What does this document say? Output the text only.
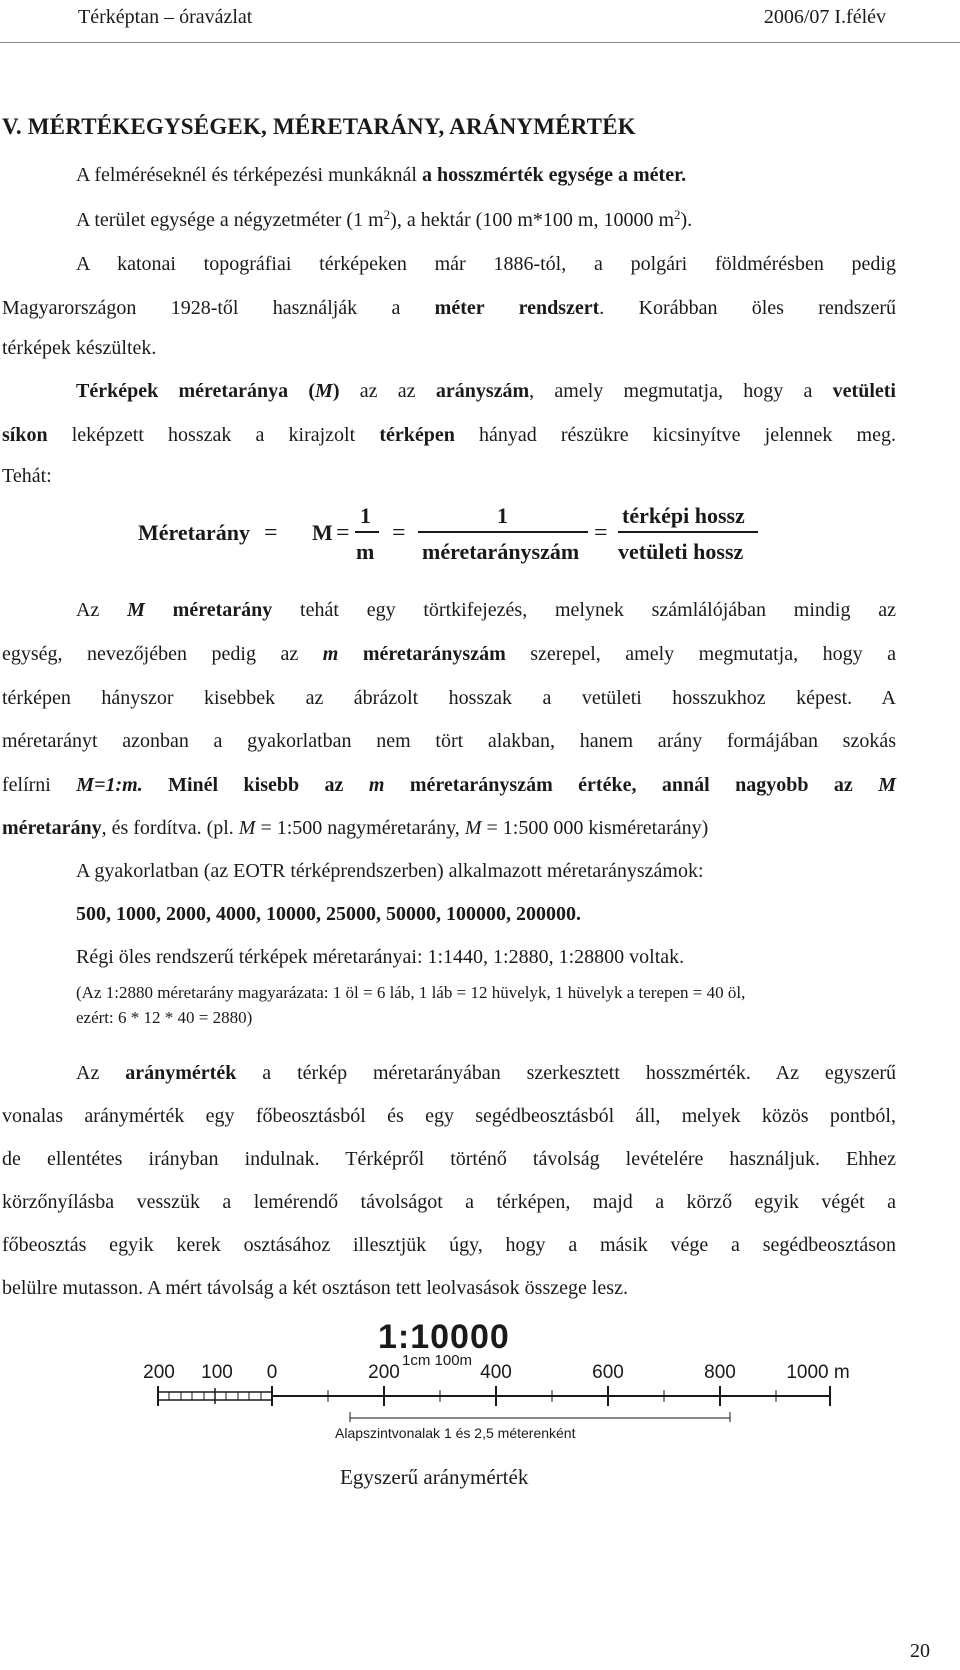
Térképtan – óravázlat	2006/07 I.félév
V. MÉRTÉKEGYSÉGEK, MÉRETARÁNY, ARÁNYMÉRTÉK
A felméréseknél és térképezési munkáknál a hosszmérték egysége a méter.
A terület egysége a négyzetméter (1 $m^2$), a hektár (100 m*100 m, 10000 $m^2$).
A katonai topográfiai térképeken már 1886-tól, a polgári földmérésben pedig
Magyarországon 1928-től használják a méter rendszert. Korábban öles rendszerű
térképek készültek.
Térképek méretaránya (M) az az arányszám, amely megmutatja, hogy a vetületi
síkon leképzett hosszak a kirajzolt térképen hányad részükre kicsinyítve jelennek meg.
Tehát:
Méretarány = M =
1
m
=
1
méretarányszám
=
térképi hossz
vetületi hossz
Az M méretarány tehát egy törtkifejezés, melynek számlálójában mindig az
egység, nevezőjében pedig az m méretarányszám szerepel, amely megmutatja, hogy a
térképen hányszor kisebbek az ábrázolt hosszak a vetületi hosszukhoz képest. A
méretarányt azonban a gyakorlatban nem tört alakban, hanem arány formájában szokás
felírni M=1:m. Minél kisebb az m méretarányszám értéke, annál nagyobb az M
méretarány, és fordítva. (pl. M = 1:500 nagyméretarány, M = 1:500 000 kisméretarány)
A gyakorlatban (az EOTR térképrendszerben) alkalmazott méretarányszámok:
500, 1000, 2000, 4000, 10000, 25000, 50000, 100000, 200000.
Régi öles rendszerű térképek méretarányai: 1:1440, 1:2880, 1:28800 voltak.
(Az 1:2880 méretarány magyarázata: 1 öl = 6 láb, 1 láb = 12 hüvelyk, 1 hüvelyk a terepen = 40 öl,
ezért: 6 * 12 * 40 = 2880)
Az aránymérték a térkép méretarányában szerkesztett hosszmérték. Az egyszerű
vonalas aránymérték egy főbeosztásból és egy segédbeosztásból áll, melyek közös pontból,
de ellentétes irányban indulnak. Térképről történő távolság levételére használjuk. Ehhez
körzőnyílásba vesszük a lemérendő távolságot a térképen, majd a körző egyik végét a
főbeosztás egyik kerek osztásához illesztjük úgy, hogy a másik vége a segédbeosztáson
belülre mutasson. A mért távolság a két osztáson tett leolvasások összege lesz.
1:10000
1cm 100m
200 100 0	200	400	600	800	1000 m
Alapszintvonalak 1 és 2,5 méterenként
Egyszerű aránymérték
20
